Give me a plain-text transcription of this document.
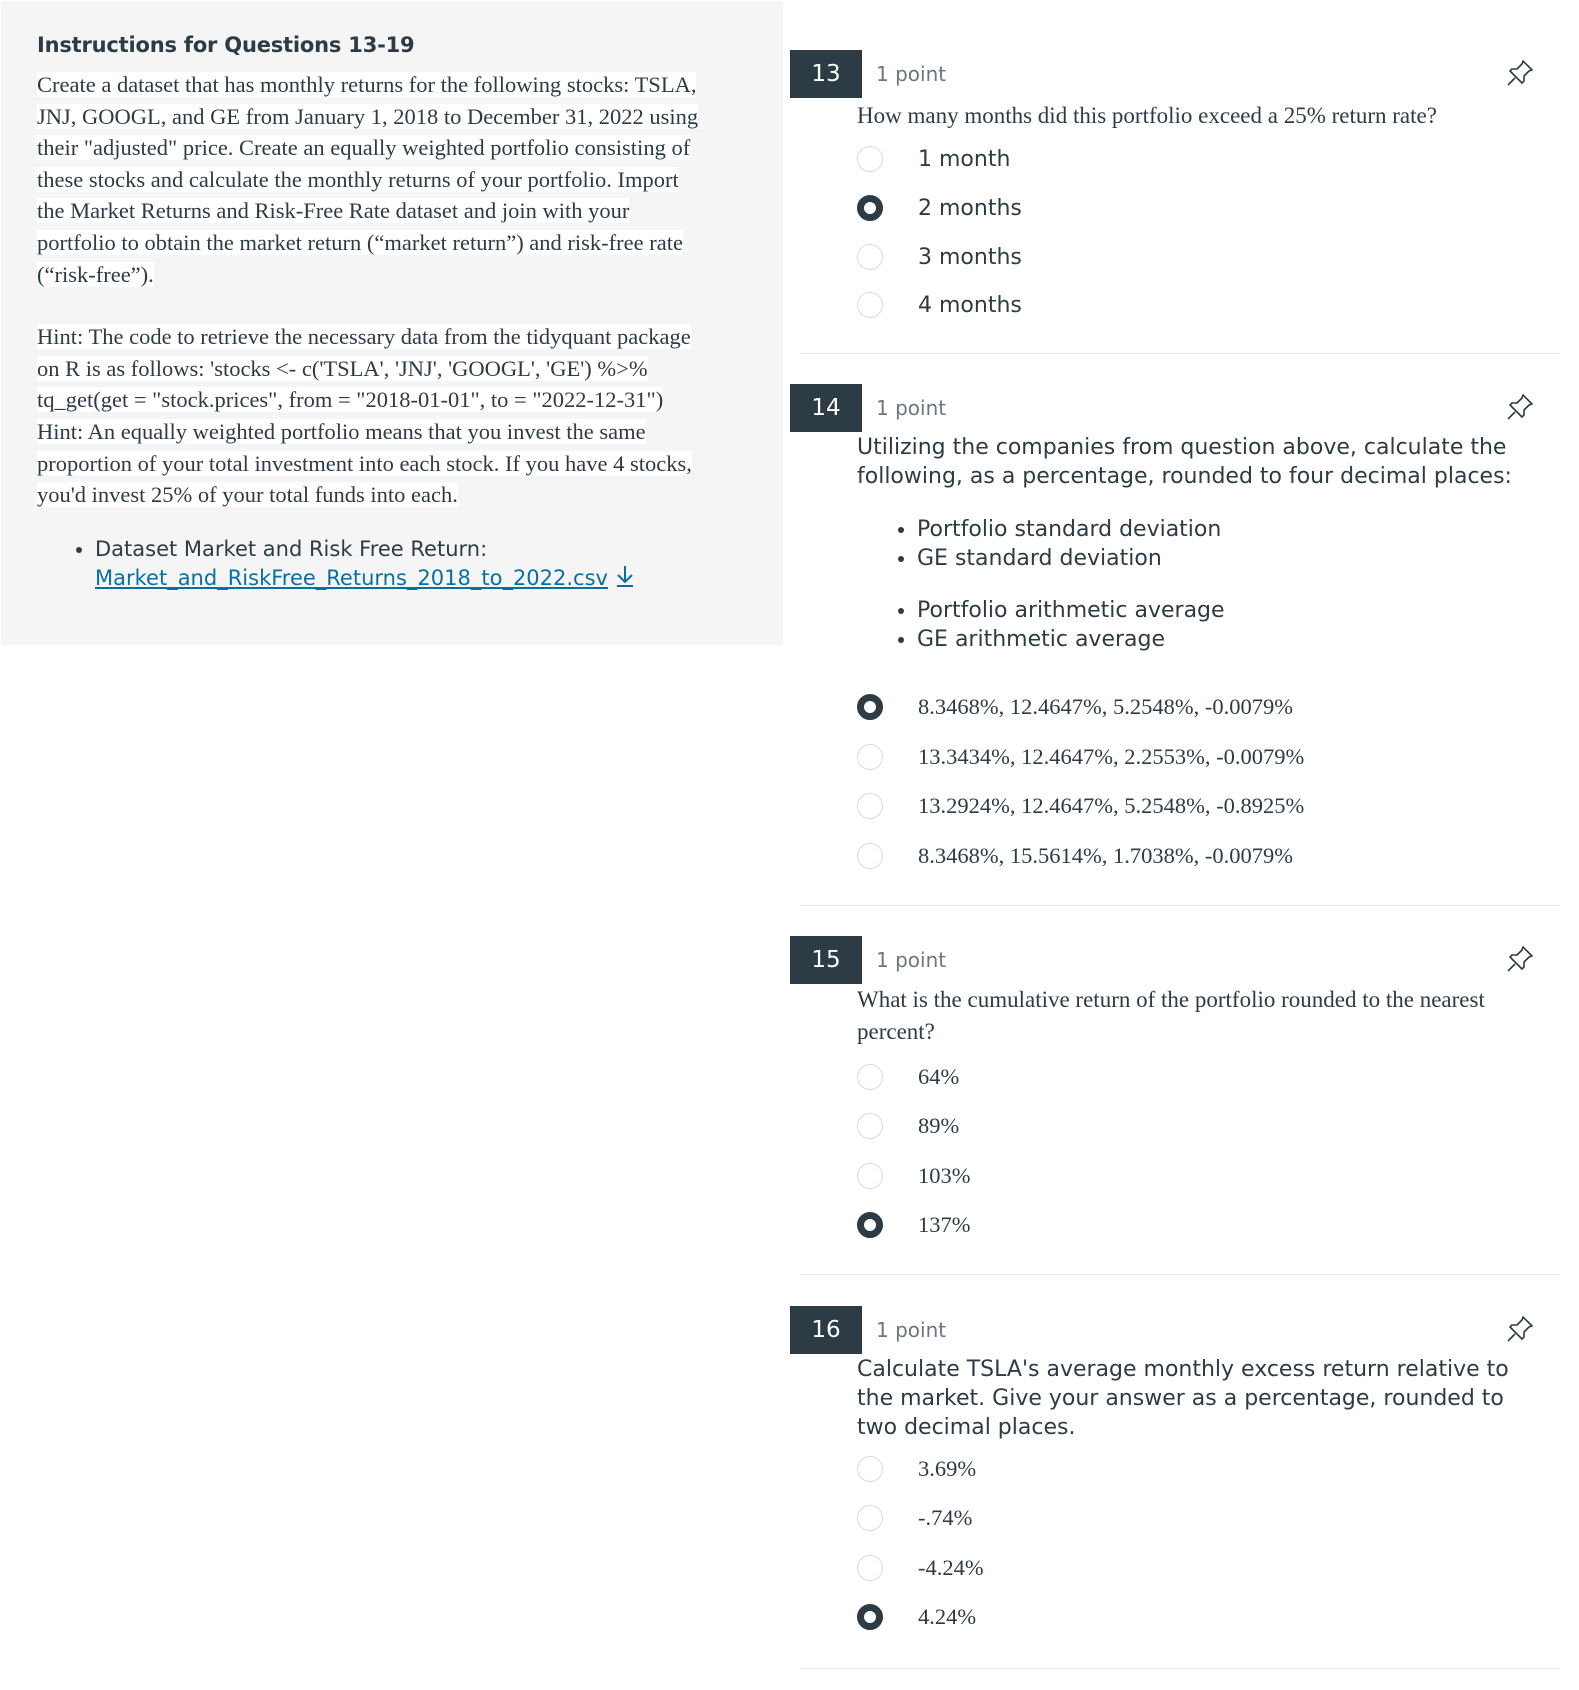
Instructions for Questions 13-19

Create a dataset that has monthly returns for the following stocks: TSLA,
JNJ, GOOGL, and GE from January 1, 2018 to December 31, 2022 using
their "adjusted" price. Create an equally weighted portfolio consisting of
these stocks and calculate the monthly returns of your portfolio. Import
the Market Returns and Risk-Free Rate dataset and join with your
portfolio to obtain the market return (“market return”) and risk-free rate
(“risk-free”).

Hint: The code to retrieve the necessary data from the tidyquant package
on R is as follows: 'stocks <- c('TSLA', 'JNJ', 'GOOGL', 'GE') %>%
tq_get(get = "stock.prices", from = "2018-01-01", to = "2022-12-31")
Hint: An equally weighted portfolio means that you invest the same
proportion of your total investment into each stock. If you have 4 stocks,
you'd invest 25% of your total funds into each.

• Dataset Market and Risk Free Return:
Market_and_RiskFree_Returns_2018_to_2022.csv
13	1 point
How many months did this portfolio exceed a 25% return rate?
1 month
2 months
3 months
4 months
14	1 point
Utilizing the companies from question above, calculate the following, as a percentage, rounded to four decimal places:
• Portfolio standard deviation
• GE standard deviation
• Portfolio arithmetic average
• GE arithmetic average
8.3468%, 12.4647%, 5.2548%, -0.0079%
13.3434%, 12.4647%, 2.2553%, -0.0079%
13.2924%, 12.4647%, 5.2548%, -0.8925%
8.3468%, 15.5614%, 1.7038%, -0.0079%
15	1 point
What is the cumulative return of the portfolio rounded to the nearest percent?
64%
89%
103%
137%
16	1 point
Calculate TSLA's average monthly excess return relative to the market. Give your answer as a percentage, rounded to two decimal places.
3.69%
-.74%
-4.24%
4.24%
